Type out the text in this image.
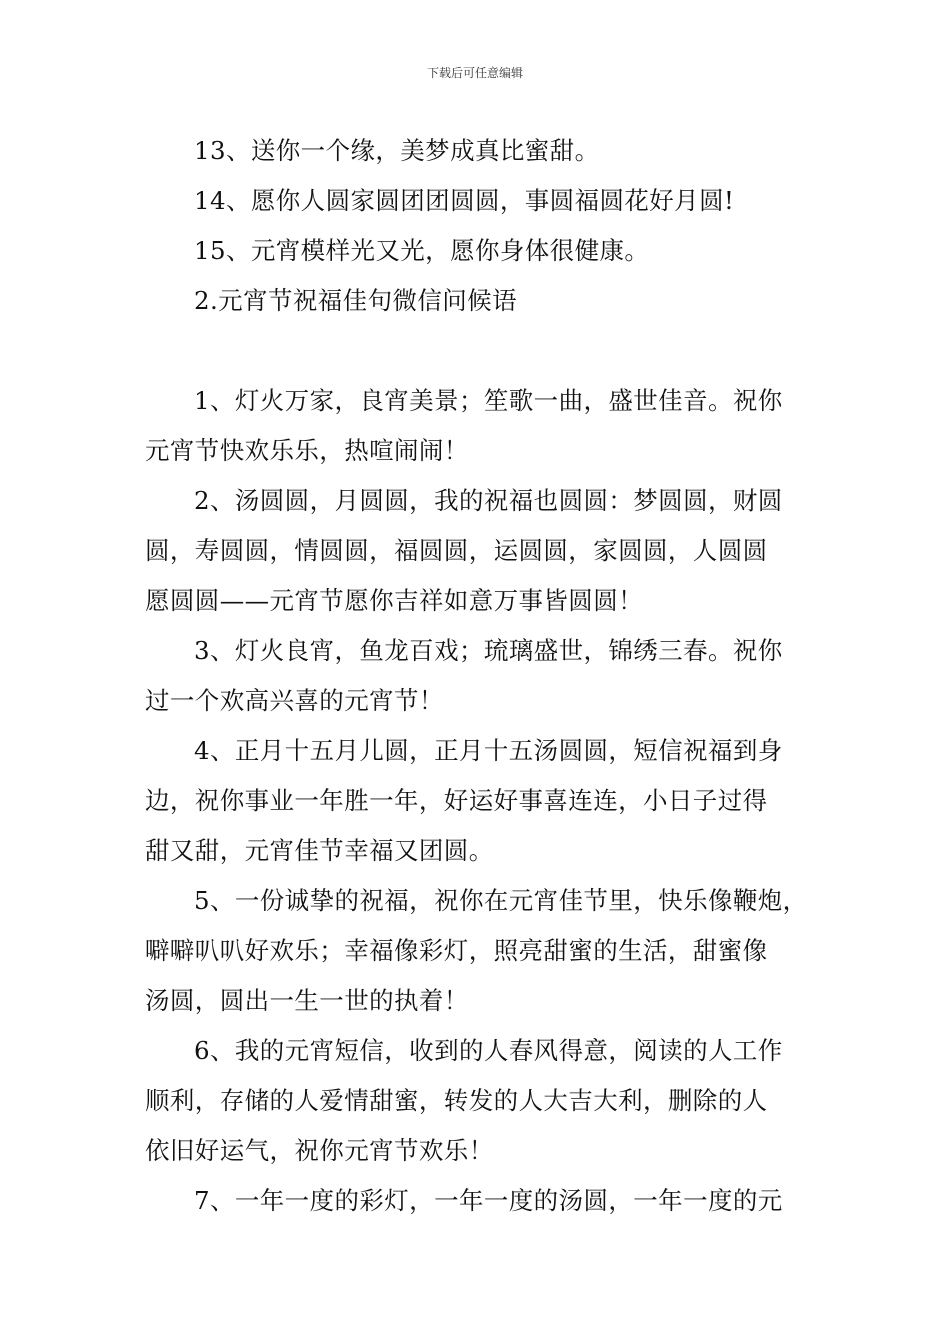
下载后可任意编辑

13、送你一个缘，美梦成真比蜜甜。

14、愿你人圆家圆团团圆圆，事圆福圆花好月圆!

15、元宵模样光又光，愿你身体很健康。

2.元宵节祝福佳句微信问候语

1、灯火万家，良宵美景；笙歌一曲，盛世佳音。祝你
元宵节快欢乐乐，热喧闹闹！

2、汤圆圆，月圆圆，我的祝福也圆圆：梦圆圆，财圆
圆，寿圆圆，情圆圆，福圆圆，运圆圆，家圆圆，人圆圆
愿圆圆——元宵节愿你吉祥如意万事皆圆圆！

3、灯火良宵，鱼龙百戏；琉璃盛世，锦绣三春。祝你
过一个欢高兴喜的元宵节！

4、正月十五月儿圆，正月十五汤圆圆，短信祝福到身
边，祝你事业一年胜一年，好运好事喜连连，小日子过得
甜又甜，元宵佳节幸福又团圆。

5、一份诚挚的祝福，祝你在元宵佳节里，快乐像鞭炮，
噼噼叭叭好欢乐；幸福像彩灯，照亮甜蜜的生活，甜蜜像
汤圆，圆出一生一世的执着！

6、我的元宵短信，收到的人春风得意，阅读的人工作
顺利，存储的人爱情甜蜜，转发的人大吉大利，删除的人
依旧好运气，祝你元宵节欢乐！

7、一年一度的彩灯，一年一度的汤圆，一年一度的元
